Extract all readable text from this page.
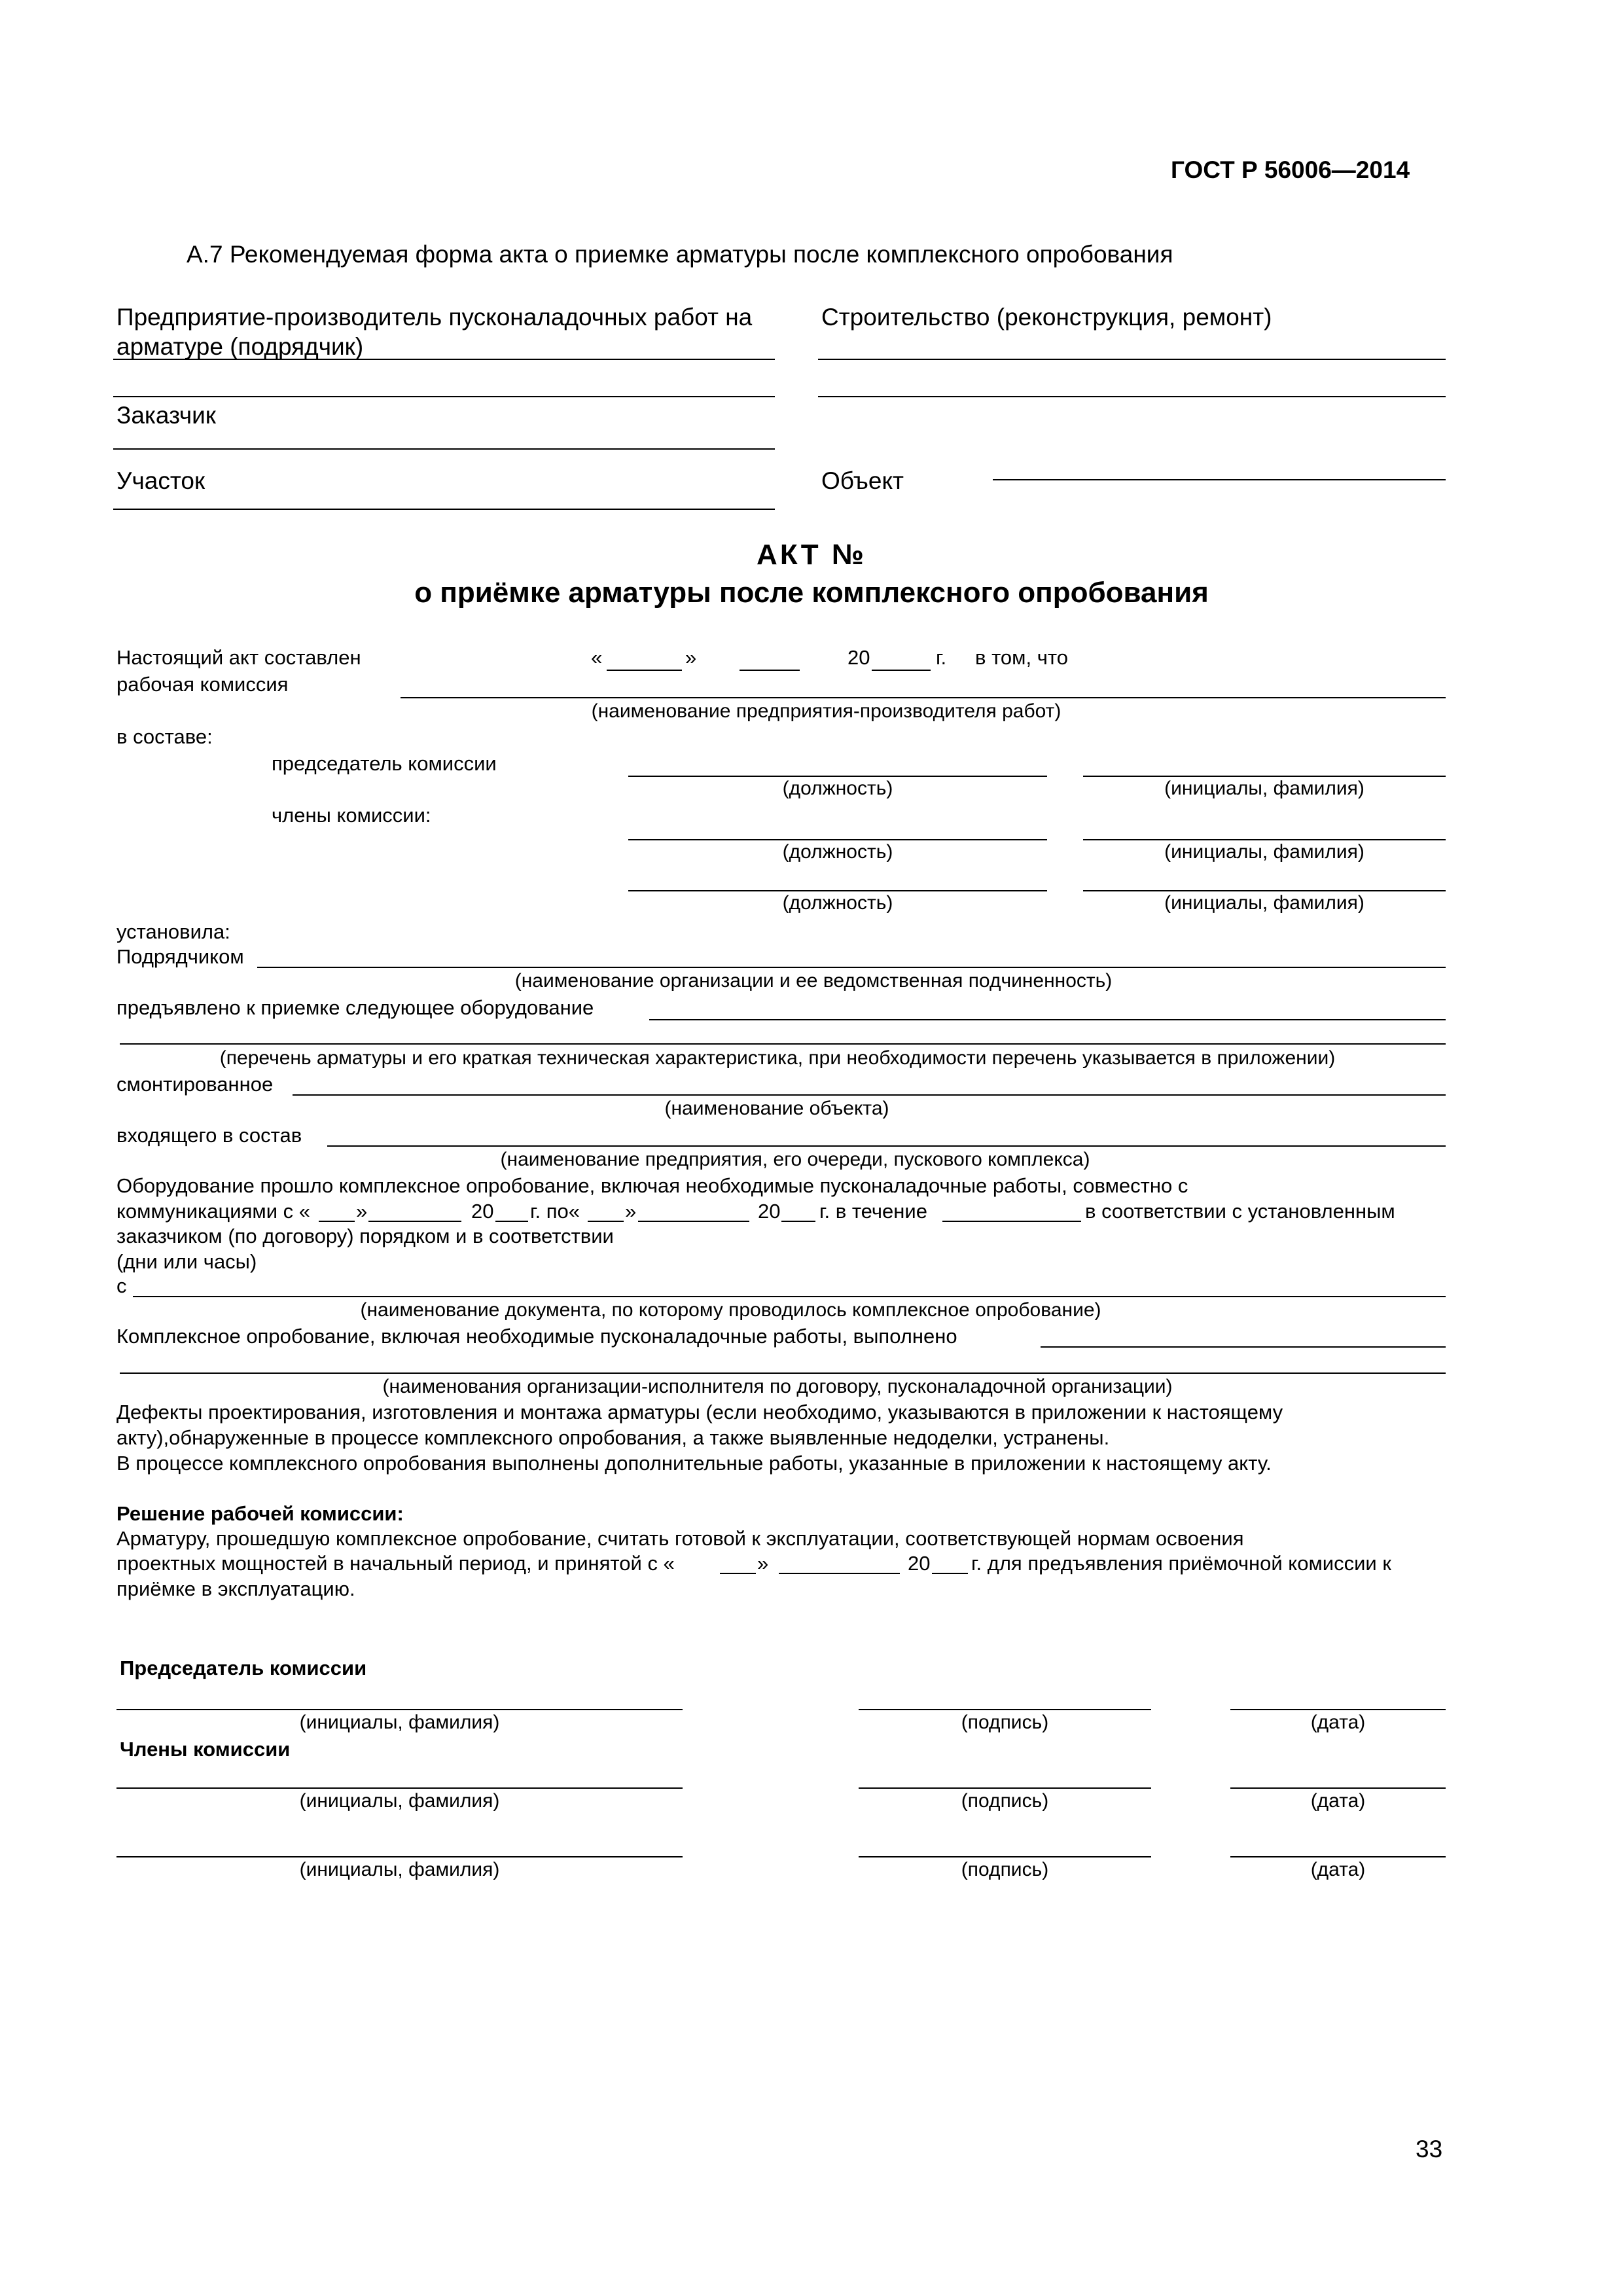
ГОСТ Р 56006—2014
А.7 Рекомендуемая форма акта о приемке арматуры после комплексного опробования
Предприятие-производитель пусконаладочных работ на
арматуре (подрядчик)
Строительство (реконструкция, ремонт)
Заказчик
Участок	Объект
АКТ №
о приёмке арматуры после комплексного опробования
Настоящий акт составлен	«	»	20	г. в том, что
рабочая комиссия
(наименование предприятия-производителя работ)
в составе:
председатель комиссии
(должность)	(инициалы, фамилия)
члены комиссии:
(должность)	(инициалы, фамилия)
(должность)	(инициалы, фамилия)
установила:
Подрядчиком
(наименование организации и ее ведомственная подчиненность)
предъявлено к приемке следующее оборудование
(перечень арматуры и его краткая техническая характеристика, при необходимости перечень указывается в приложении)
смонтированное
(наименование объекта)
входящего в состав
(наименование предприятия, его очереди, пускового комплекса)
Оборудование прошло комплексное опробование, включая необходимые пусконаладочные работы, совместно с
коммуникациями с « »	20 г. по« »	20 г. в течение	в соответствии с установленным
заказчиком (по договору) порядком и в соответствии
(дни или часы)
с
(наименование документа, по которому проводилось комплексное опробование)
Комплексное опробование, включая необходимые пусконаладочные работы, выполнено
(наименования организации-исполнителя по договору, пусконаладочной организации)
Дефекты проектирования, изготовления и монтажа арматуры (если необходимо, указываются в приложении к настоящему
акту),обнаруженные в процессе комплексного опробования, а также выявленные недоделки, устранены.
В процессе комплексного опробования выполнены дополнительные работы, указанные в приложении к настоящему акту.
Решение рабочей комиссии:
Арматуру, прошедшую комплексное опробование, считать готовой к эксплуатации, соответствующей нормам освоения
проектных мощностей в начальный период, и принятой с «	»	20 г. для предъявления приёмочной комиссии к
приёмке в эксплуатацию.
Председатель комиссии
(инициалы, фамилия)	(подпись)	(дата)
Члены комиссии
(инициалы, фамилия)	(подпись)	(дата)
(инициалы, фамилия)	(подпись)	(дата)
33
